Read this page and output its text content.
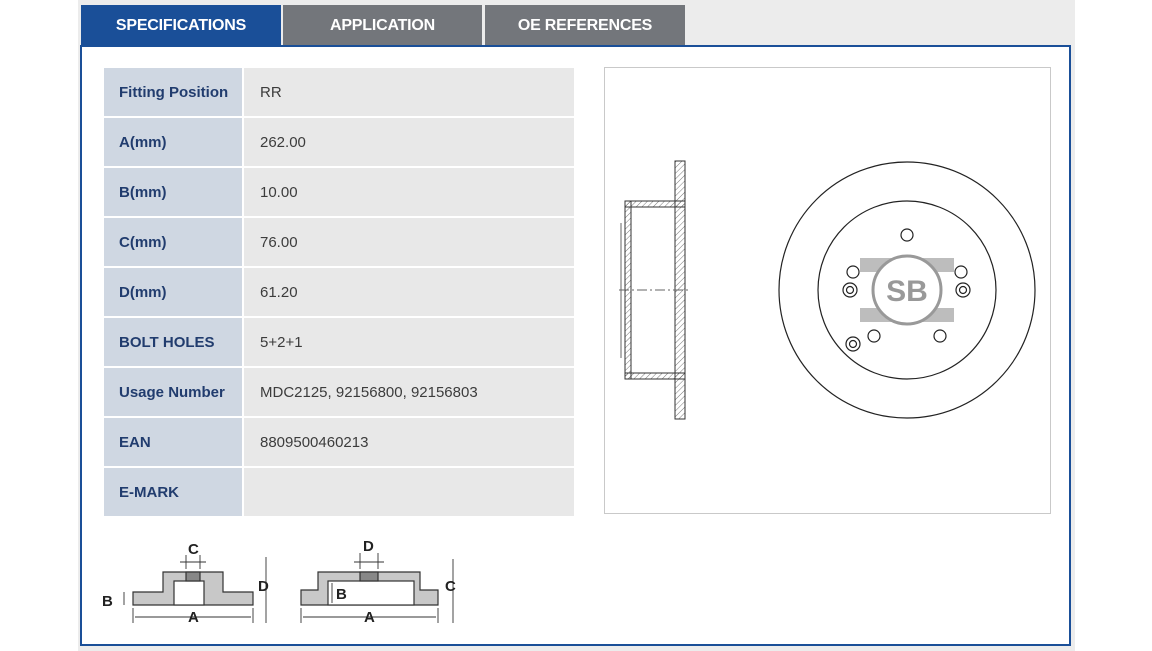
SPECIFICATIONS	APPLICATION	OE REFERENCES
Fitting Position	RR
A(mm)	262.00
B(mm)	10.00
C(mm)	76.00
D(mm)	61.20
BOLT HOLES	5+2+1
Usage Number	MDC2125, 92156800, 92156803
EAN	8809500460213
E-MARK
SB
A
B
C
D
A
B
D
C
